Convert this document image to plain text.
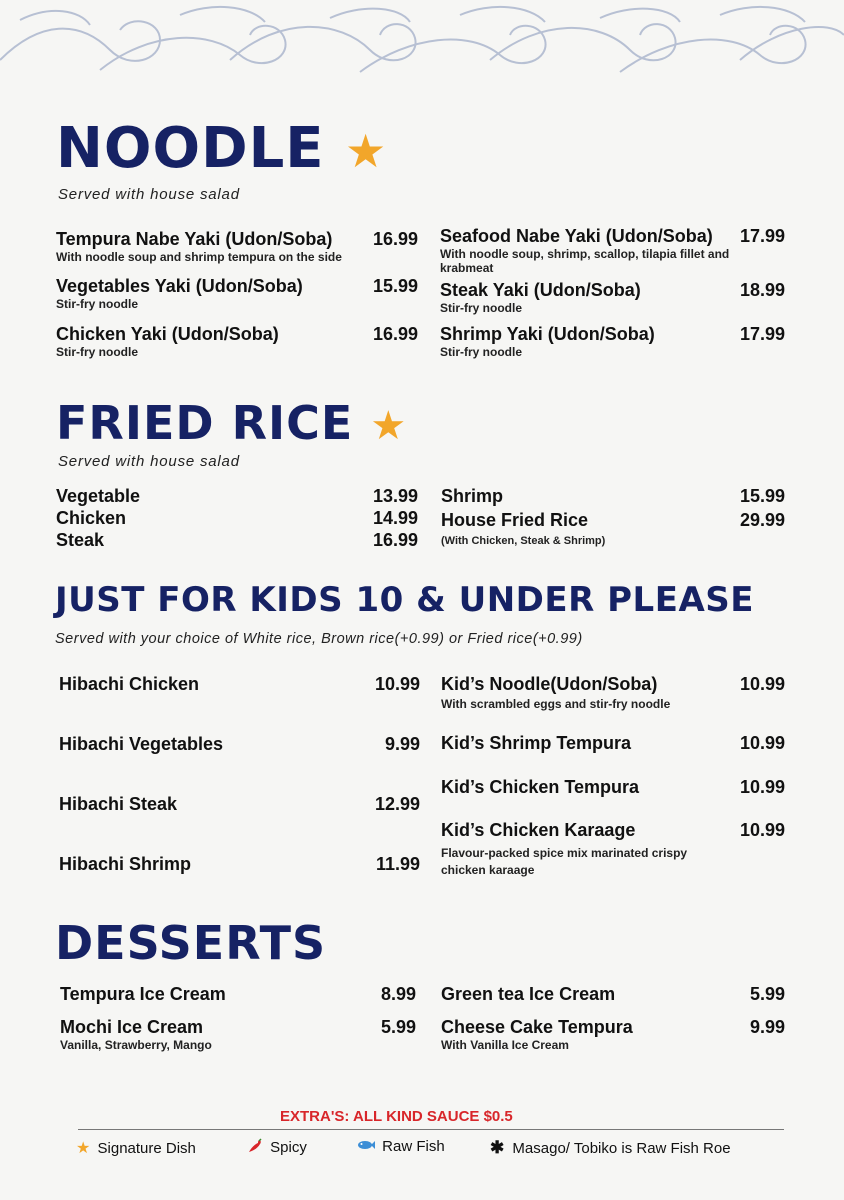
NOODLE ★
Served with house salad
Tempura Nabe Yaki (Udon/Soba)
With noodle soup and shrimp tempura on the side
16.99
Vegetables Yaki (Udon/Soba)
Stir-fry noodle
15.99
Chicken Yaki (Udon/Soba)
Stir-fry noodle
16.99
Seafood Nabe Yaki (Udon/Soba)
With noodle soup, shrimp, scallop, tilapia fillet and krabmeat
17.99
Steak Yaki (Udon/Soba)
Stir-fry noodle
18.99
Shrimp Yaki (Udon/Soba)
Stir-fry noodle
17.99
FRIED RICE ★
Served with house salad
Vegetable	13.99
Chicken	14.99
Steak	16.99
Shrimp	15.99
House Fried Rice
(With Chicken, Steak & Shrimp)
29.99
JUST FOR KIDS 10 & UNDER PLEASE
Served with your choice of White rice, Brown rice(+0.99) or Fried rice(+0.99)
Hibachi Chicken	10.99
Hibachi Vegetables	9.99
Hibachi Steak	12.99
Hibachi Shrimp	11.99
Kid’s Noodle(Udon/Soba)
With scrambled eggs and stir-fry noodle
10.99
Kid’s Shrimp Tempura	10.99
Kid’s Chicken Tempura	10.99
Kid’s Chicken Karaage
Flavour-packed spice mix marinated crispy chicken karaage
10.99
DESSERTS
Tempura Ice Cream	8.99
Mochi Ice Cream
Vanilla, Strawberry, Mango
5.99
Green tea Ice Cream	5.99
Cheese Cake Tempura
With Vanilla Ice Cream
9.99
EXTRA'S: ALL KIND SAUCE $0.5
★ Signature Dish	Spicy	Raw Fish	✱ Masago/ Tobiko is Raw Fish Roe
